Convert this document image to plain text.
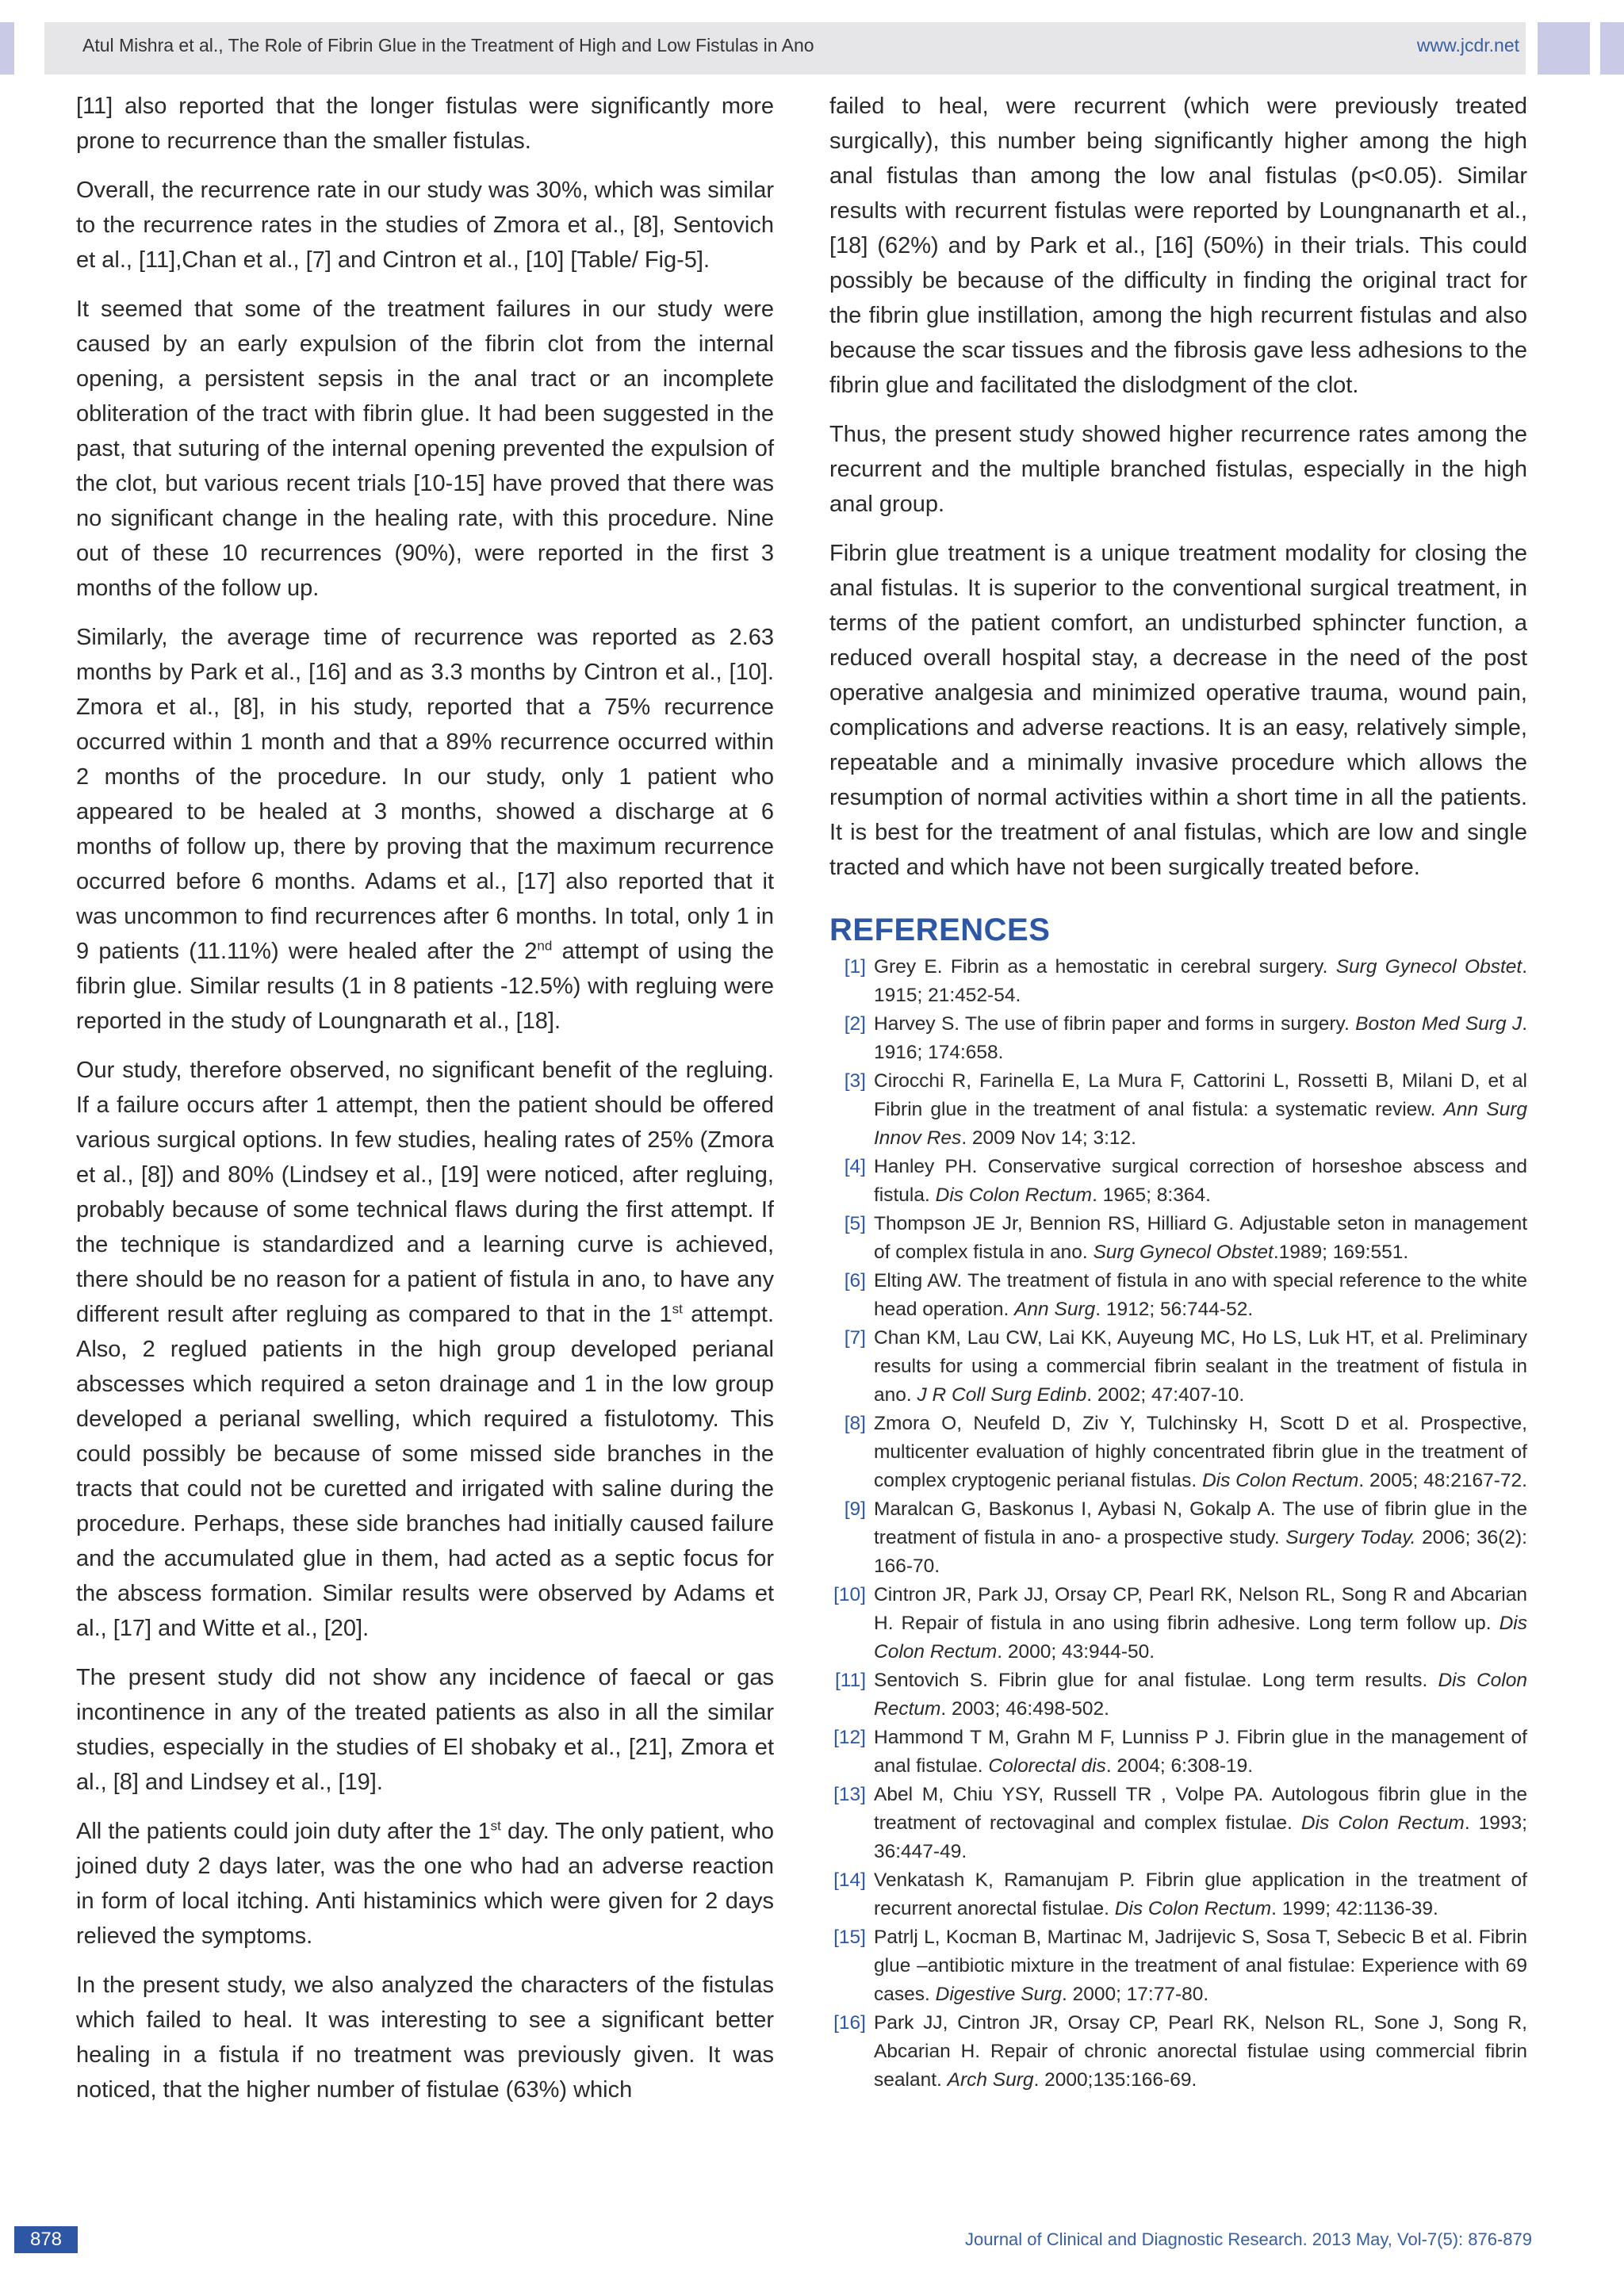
Atul Mishra et al., The Role of Fibrin Glue in the Treatment of High and Low Fistulas in Ano	www.jcdr.net

[11] also reported that the longer fistulas were significantly more prone to recurrence than the smaller fistulas.

Overall, the recurrence rate in our study was 30%, which was similar to the recurrence rates in the studies of Zmora et al., [8], Sentovich et al., [11],Chan et al., [7] and Cintron et al., [10] [Table/ Fig-5].

It seemed that some of the treatment failures in our study were caused by an early expulsion of the fibrin clot from the internal opening, a persistent sepsis in the anal tract or an incomplete obliteration of the tract with fibrin glue. It had been suggested in the past, that suturing of the internal opening prevented the expulsion of the clot, but various recent trials [10-15] have proved that there was no significant change in the healing rate, with this procedure. Nine out of these 10 recurrences (90%), were reported in the first 3 months of the follow up.

Similarly, the average time of recurrence was reported as 2.63 months by Park et al., [16] and as 3.3 months by Cintron et al., [10]. Zmora et al., [8], in his study, reported that a 75% recurrence occurred within 1 month and that a 89% recurrence occurred within 2 months of the procedure. In our study, only 1 patient who appeared to be healed at 3 months, showed a discharge at 6 months of follow up, there by proving that the maximum recurrence occurred before 6 months. Adams et al., [17] also reported that it was uncommon to find recurrences after 6 months. In total, only 1 in 9 patients (11.11%) were healed after the 2nd attempt of using the fibrin glue. Similar results (1 in 8 patients -12.5%) with regluing were reported in the study of Loungnarath et al., [18].

Our study, therefore observed, no significant benefit of the regluing. If a failure occurs after 1 attempt, then the patient should be offered various surgical options. In few studies, healing rates of 25% (Zmora et al., [8]) and 80% (Lindsey et al., [19] were noticed, after regluing, probably because of some technical flaws during the first attempt. If the technique is standardized and a learning curve is achieved, there should be no reason for a patient of fistula in ano, to have any different result after regluing as compared to that in the 1st attempt. Also, 2 reglued patients in the high group developed perianal abscesses which required a seton drainage and 1 in the low group developed a perianal swelling, which required a fistulotomy. This could possibly be because of some missed side branches in the tracts that could not be curetted and irrigated with saline during the procedure. Perhaps, these side branches had initially caused failure and the accumulated glue in them, had acted as a septic focus for the abscess formation. Similar results were observed by Adams et al., [17] and Witte et al., [20].

The present study did not show any incidence of faecal or gas incontinence in any of the treated patients as also in all the similar studies, especially in the studies of El shobaky et al., [21], Zmora et al., [8] and Lindsey et al., [19].

All the patients could join duty after the 1st day. The only patient, who joined duty 2 days later, was the one who had an adverse reaction in form of local itching. Anti histaminics which were given for 2 days relieved the symptoms.

In the present study, we also analyzed the characters of the fistulas which failed to heal. It was interesting to see a significant better healing in a fistula if no treatment was previously given. It was noticed, that the higher number of fistulae (63%) which

failed to heal, were recurrent (which were previously treated surgically), this number being significantly higher among the high anal fistulas than among the low anal fistulas (p<0.05). Similar results with recurrent fistulas were reported by Loungnanarth et al., [18] (62%) and by Park et al., [16] (50%) in their trials. This could possibly be because of the difficulty in finding the original tract for the fibrin glue instillation, among the high recurrent fistulas and also because the scar tissues and the fibrosis gave less adhesions to the fibrin glue and facilitated the dislodgment of the clot.

Thus, the present study showed higher recurrence rates among the recurrent and the multiple branched fistulas, especially in the high anal group.

Fibrin glue treatment is a unique treatment modality for closing the anal fistulas. It is superior to the conventional surgical treatment, in terms of the patient comfort, an undisturbed sphincter function, a reduced overall hospital stay, a decrease in the need of the post operative analgesia and minimized operative trauma, wound pain, complications and adverse reactions. It is an easy, relatively simple, repeatable and a minimally invasive procedure which allows the resumption of normal activities within a short time in all the patients. It is best for the treatment of anal fistulas, which are low and single tracted and which have not been surgically treated before.

REFERENCES
[1] Grey E. Fibrin as a hemostatic in cerebral surgery. Surg Gynecol Obstet. 1915; 21:452-54.
[2] Harvey S. The use of fibrin paper and forms in surgery. Boston Med Surg J. 1916; 174:658.
[3] Cirocchi R, Farinella E, La Mura F, Cattorini L, Rossetti B, Milani D, et al Fibrin glue in the treatment of anal fistula: a systematic review. Ann Surg Innov Res. 2009 Nov 14; 3:12.
[4] Hanley PH. Conservative surgical correction of horseshoe abscess and fistula. Dis Colon Rectum. 1965; 8:364.
[5] Thompson JE Jr, Bennion RS, Hilliard G. Adjustable seton in management of complex fistula in ano. Surg Gynecol Obstet.1989; 169:551.
[6] Elting AW. The treatment of fistula in ano with special reference to the white head operation. Ann Surg. 1912; 56:744-52.
[7] Chan KM, Lau CW, Lai KK, Auyeung MC, Ho LS, Luk HT, et al. Preliminary results for using a commercial fibrin sealant in the treatment of fistula in ano. J R Coll Surg Edinb. 2002; 47:407-10.
[8] Zmora O, Neufeld D, Ziv Y, Tulchinsky H, Scott D et al. Prospective, multicenter evaluation of highly concentrated fibrin glue in the treatment of complex cryptogenic perianal fistulas. Dis Colon Rectum. 2005; 48:2167-72.
[9] Maralcan G, Baskonus I, Aybasi N, Gokalp A. The use of fibrin glue in the treatment of fistula in ano- a prospective study. Surgery Today. 2006; 36(2): 166-70.
[10] Cintron JR, Park JJ, Orsay CP, Pearl RK, Nelson RL, Song R and Abcarian H. Repair of fistula in ano using fibrin adhesive. Long term follow up. Dis Colon Rectum. 2000; 43:944-50.
[11] Sentovich S. Fibrin glue for anal fistulae. Long term results. Dis Colon Rectum. 2003; 46:498-502.
[12] Hammond T M, Grahn M F, Lunniss P J. Fibrin glue in the management of anal fistulae. Colorectal dis. 2004; 6:308-19.
[13] Abel M, Chiu YSY, Russell TR , Volpe PA. Autologous fibrin glue in the treatment of rectovaginal and complex fistulae. Dis Colon Rectum. 1993; 36:447-49.
[14] Venkatash K, Ramanujam P. Fibrin glue application in the treatment of recurrent anorectal fistulae. Dis Colon Rectum. 1999; 42:1136-39.
[15] Patrlj L, Kocman B, Martinac M, Jadrijevic S, Sosa T, Sebecic B et al. Fibrin glue –antibiotic mixture in the treatment of anal fistulae: Experience with 69 cases. Digestive Surg. 2000; 17:77-80.
[16] Park JJ, Cintron JR, Orsay CP, Pearl RK, Nelson RL, Sone J, Song R, Abcarian H. Repair of chronic anorectal fistulae using commercial fibrin sealant. Arch Surg. 2000;135:166-69.
878	Journal of Clinical and Diagnostic Research. 2013 May, Vol-7(5): 876-879
